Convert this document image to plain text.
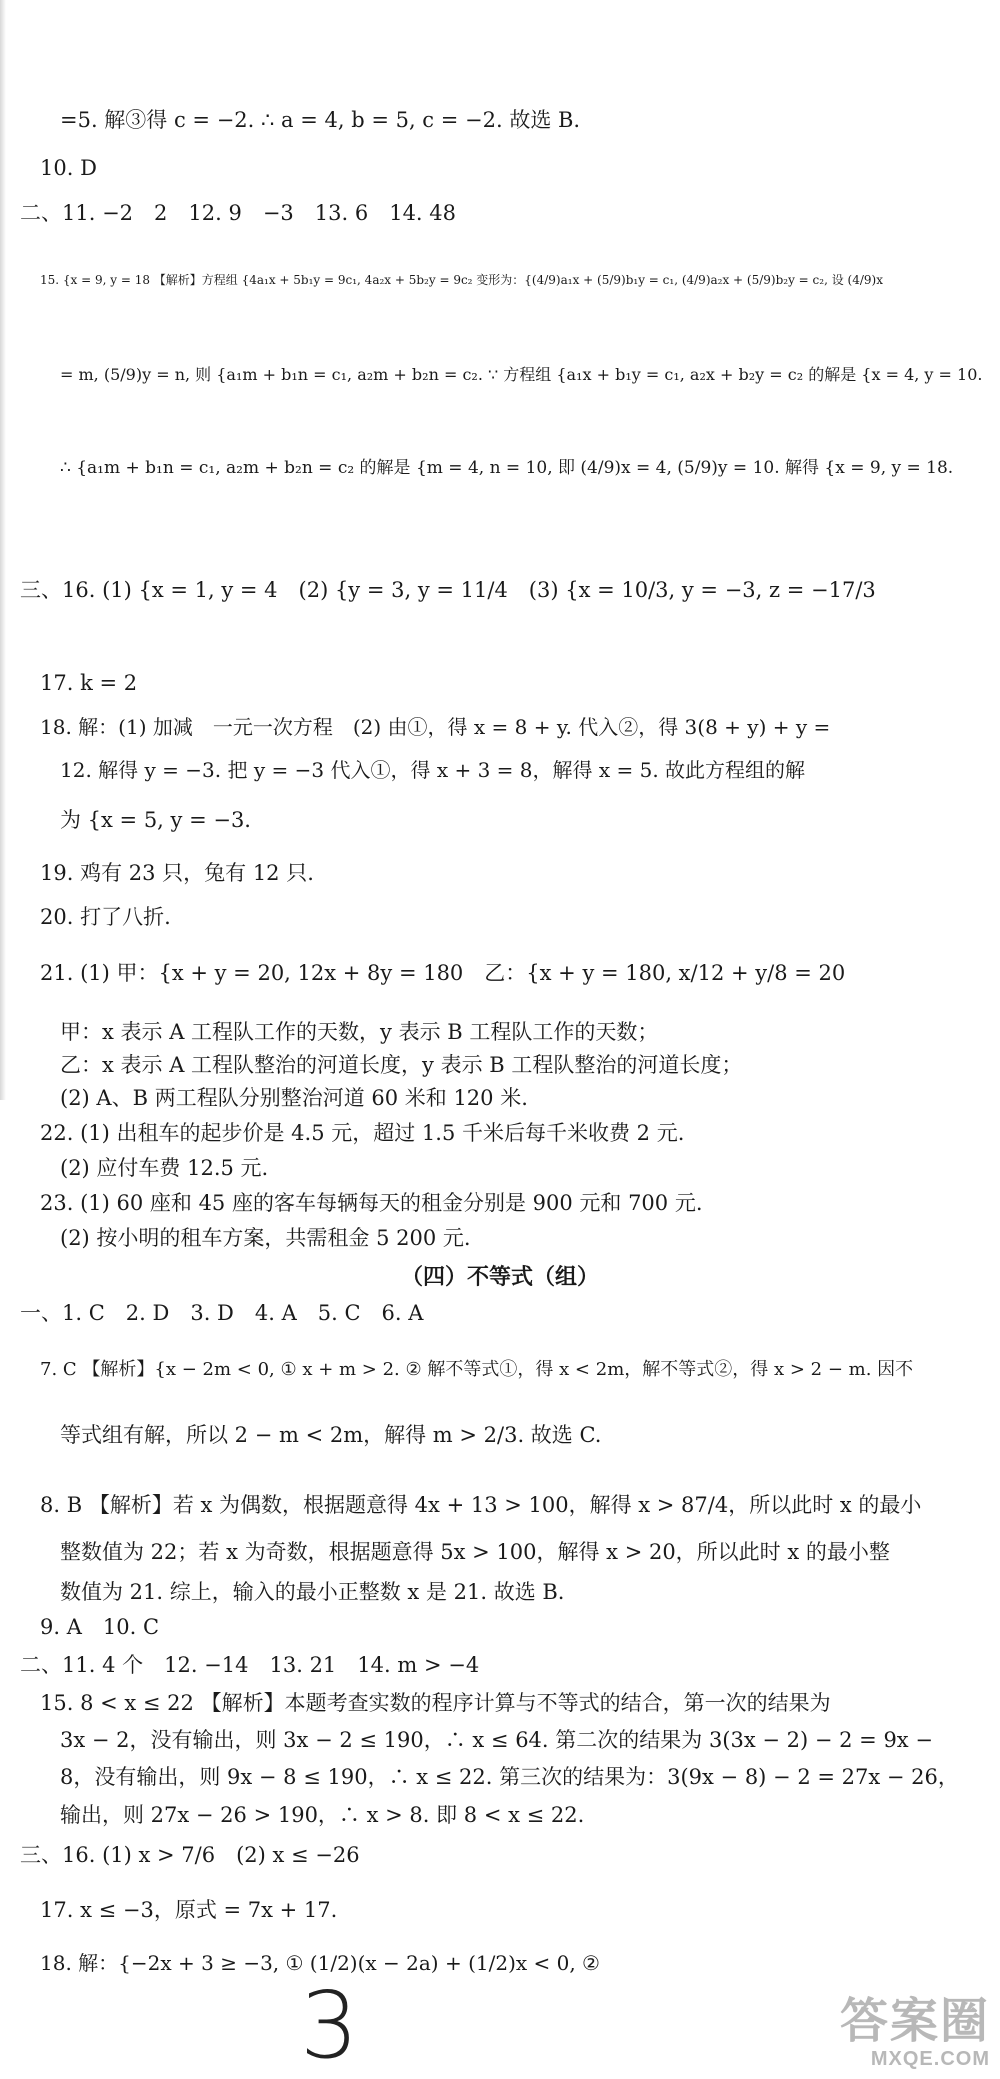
=5. 解③得 c = −2. ∴ a = 4, b = 5, c = −2. 故选 B.
10. D
二、11. −2　2　12. 9　−3　13. 6　14. 48
15. {x = 9, y = 18 【解析】方程组 {4a₁x + 5b₁y = 9c₁, 4a₂x + 5b₂y = 9c₂ 变形为：{(4/9)a₁x + (5/9)b₁y = c₁, (4/9)a₂x + (5/9)b₂y = c₂, 设 (4/9)x
= m, (5/9)y = n, 则 {a₁m + b₁n = c₁, a₂m + b₂n = c₂. ∵ 方程组 {a₁x + b₁y = c₁, a₂x + b₂y = c₂ 的解是 {x = 4, y = 10.
∴ {a₁m + b₁n = c₁, a₂m + b₂n = c₂ 的解是 {m = 4, n = 10, 即 (4/9)x = 4, (5/9)y = 10. 解得 {x = 9, y = 18.
三、16. (1) {x = 1, y = 4　(2) {y = 3, y = 11/4　(3) {x = 10/3, y = −3, z = −17/3
17. k = 2
18. 解：(1) 加减　一元一次方程　(2) 由①，得 x = 8 + y. 代入②，得 3(8 + y) + y =
12. 解得 y = −3. 把 y = −3 代入①，得 x + 3 = 8，解得 x = 5. 故此方程组的解
为 {x = 5, y = −3.
19. 鸡有 23 只，兔有 12 只.
20. 打了八折.
21. (1) 甲：{x + y = 20, 12x + 8y = 180　乙：{x + y = 180, x/12 + y/8 = 20
甲：x 表示 A 工程队工作的天数，y 表示 B 工程队工作的天数；
乙：x 表示 A 工程队整治的河道长度，y 表示 B 工程队整治的河道长度；
(2) A、B 两工程队分别整治河道 60 米和 120 米.
22. (1) 出租车的起步价是 4.5 元，超过 1.5 千米后每千米收费 2 元.
(2) 应付车费 12.5 元.
23. (1) 60 座和 45 座的客车每辆每天的租金分别是 900 元和 700 元.
(2) 按小明的租车方案，共需租金 5 200 元.
（四）不等式（组）
一、1. C　2. D　3. D　4. A　5. C　6. A
7. C 【解析】{x − 2m < 0, ① x + m > 2. ② 解不等式①，得 x < 2m，解不等式②，得 x > 2 − m. 因不
等式组有解，所以 2 − m < 2m，解得 m > 2/3. 故选 C.
8. B 【解析】若 x 为偶数，根据题意得 4x + 13 > 100，解得 x > 87/4，所以此时 x 的最小
整数值为 22；若 x 为奇数，根据题意得 5x > 100，解得 x > 20，所以此时 x 的最小整
数值为 21. 综上，输入的最小正整数 x 是 21. 故选 B.
9. A　10. C
二、11. 4 个　12. −14　13. 21　14. m > −4
15. 8 < x ≤ 22 【解析】本题考查实数的程序计算与不等式的结合，第一次的结果为
3x − 2，没有输出，则 3x − 2 ≤ 190，∴ x ≤ 64. 第二次的结果为 3(3x − 2) − 2 = 9x −
8，没有输出，则 9x − 8 ≤ 190，∴ x ≤ 22. 第三次的结果为：3(9x − 8) − 2 = 27x − 26，
输出，则 27x − 26 > 190，∴ x > 8. 即 8 < x ≤ 22.
三、16. (1) x > 7/6　(2) x ≤ −26
17. x ≤ −3，原式 = 7x + 17.
18. 解：{−2x + 3 ≥ −3, ① (1/2)(x − 2a) + (1/2)x < 0, ②
3	答案圈
MXQE.COM
